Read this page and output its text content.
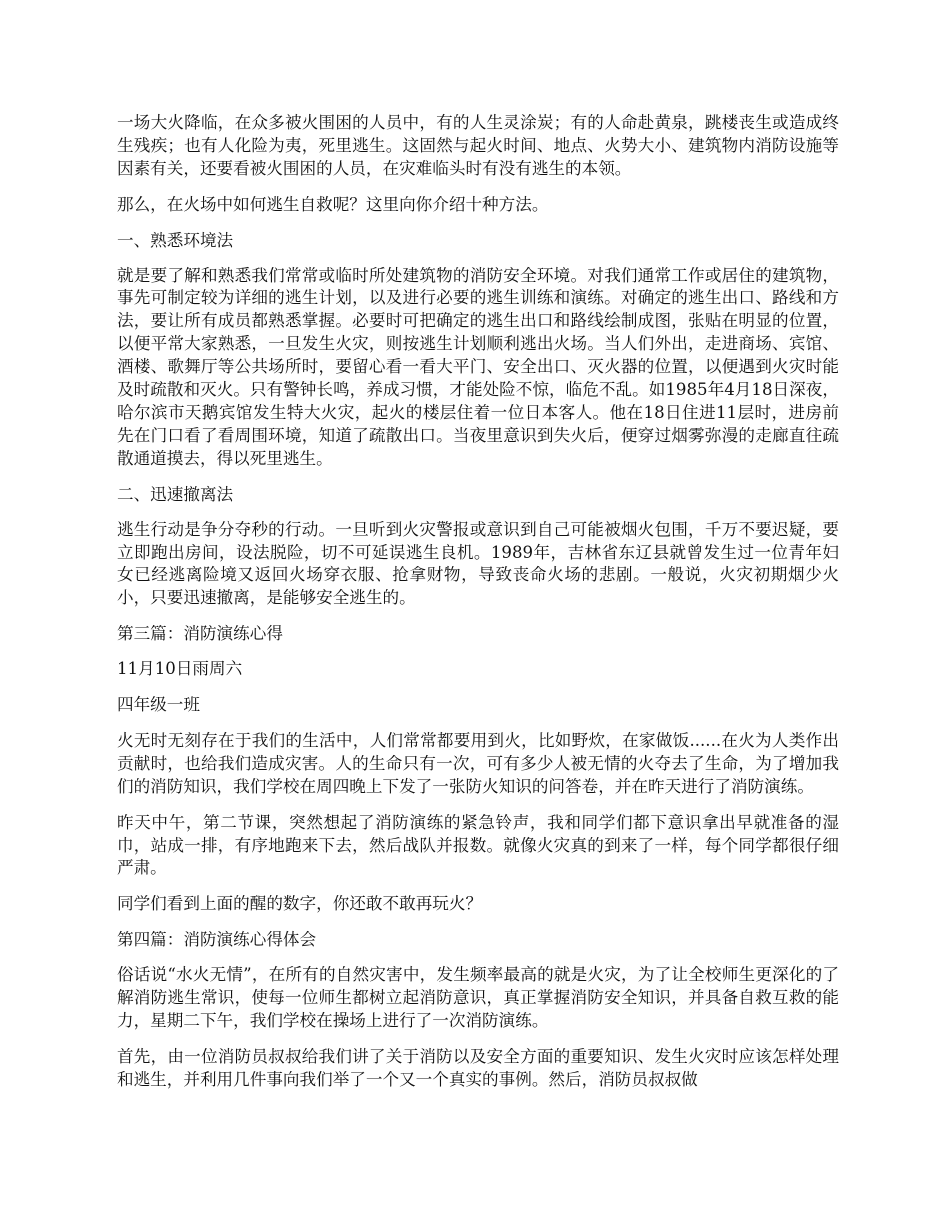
一场大火降临，在众多被火围困的人员中，有的人生灵涂炭；有的人命赴黄泉，跳楼丧生或造成终生残疾；也有人化险为夷，死里逃生。这固然与起火时间、地点、火势大小、建筑物内消防设施等因素有关，还要看被火围困的人员，在灾难临头时有没有逃生的本领。

那么，在火场中如何逃生自救呢？这里向你介绍十种方法。

一、熟悉环境法

就是要了解和熟悉我们常常或临时所处建筑物的消防安全环境。对我们通常工作或居住的建筑物，事先可制定较为详细的逃生计划，以及进行必要的逃生训练和演练。对确定的逃生出口、路线和方法，要让所有成员都熟悉掌握。必要时可把确定的逃生出口和路线绘制成图，张贴在明显的位置，以便平常大家熟悉，一旦发生火灾，则按逃生计划顺利逃出火场。当人们外出，走进商场、宾馆、酒楼、歌舞厅等公共场所时，要留心看一看大平门、安全出口、灭火器的位置，以便遇到火灾时能及时疏散和灭火。只有警钟长鸣，养成习惯，才能处险不惊，临危不乱。如1985年4月18日深夜，哈尔滨市天鹅宾馆发生特大火灾，起火的楼层住着一位日本客人。他在18日住进11层时，进房前先在门口看了看周围环境，知道了疏散出口。当夜里意识到失火后，便穿过烟雾弥漫的走廊直往疏散通道摸去，得以死里逃生。

二、迅速撤离法

逃生行动是争分夺秒的行动。一旦听到火灾警报或意识到自己可能被烟火包围，千万不要迟疑，要立即跑出房间，设法脱险，切不可延误逃生良机。1989年，吉林省东辽县就曾发生过一位青年妇女已经逃离险境又返回火场穿衣服、抢拿财物，导致丧命火场的悲剧。一般说，火灾初期烟少火小，只要迅速撤离，是能够安全逃生的。

第三篇：消防演练心得

11月10日雨周六

四年级一班

火无时无刻存在于我们的生活中，人们常常都要用到火，比如野炊，在家做饭......在火为人类作出贡献时，也给我们造成灾害。人的生命只有一次，可有多少人被无情的火夺去了生命，为了增加我们的消防知识，我们学校在周四晚上下发了一张防火知识的问答卷，并在昨天进行了消防演练。

昨天中午，第二节课，突然想起了消防演练的紧急铃声，我和同学们都下意识拿出早就准备的湿巾，站成一排，有序地跑来下去，然后战队并报数。就像火灾真的到来了一样，每个同学都很仔细严肃。

同学们看到上面的醒的数字，你还敢不敢再玩火？

第四篇：消防演练心得体会

俗话说“水火无情”，在所有的自然灾害中，发生频率最高的就是火灾，为了让全校师生更深化的了解消防逃生常识，使每一位师生都树立起消防意识，真正掌握消防安全知识，并具备自救互救的能力，星期二下午，我们学校在操场上进行了一次消防演练。

首先，由一位消防员叔叔给我们讲了关于消防以及安全方面的重要知识、发生火灾时应该怎样处理和逃生，并利用几件事向我们举了一个又一个真实的事例。然后，消防员叔叔做
